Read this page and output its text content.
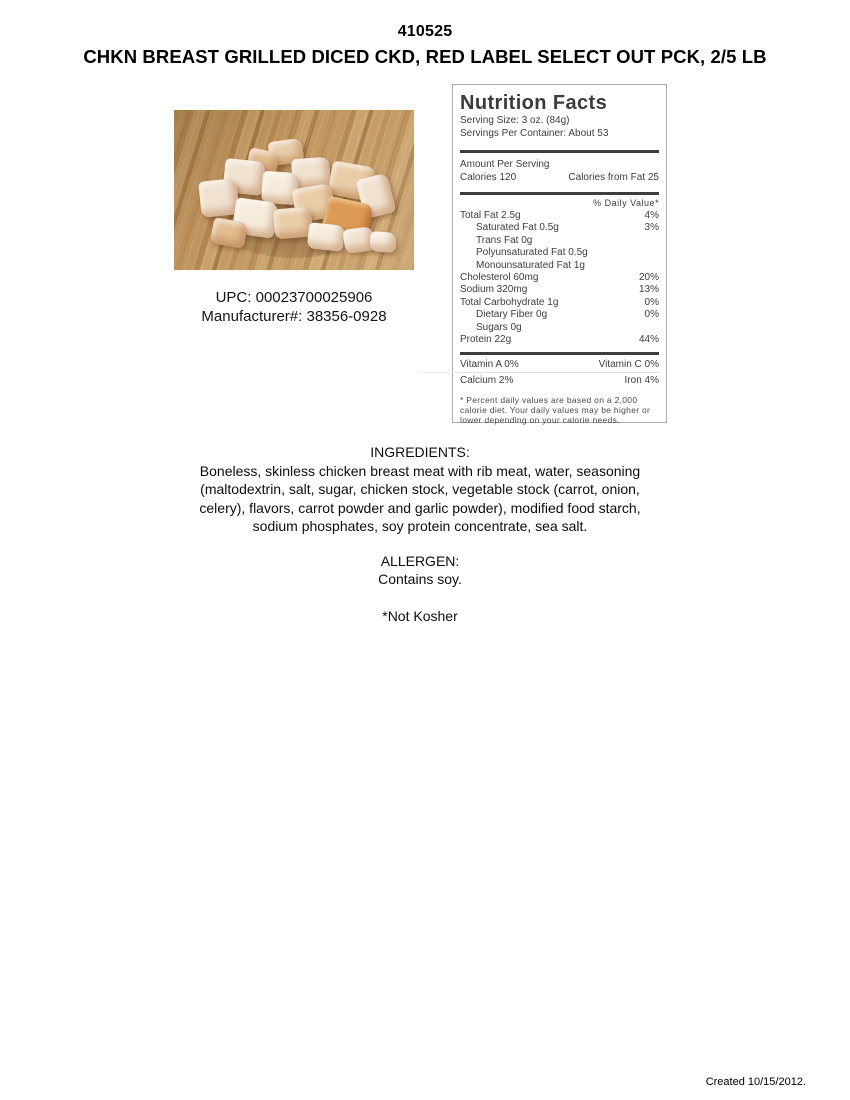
410525
CHKN BREAST GRILLED DICED CKD, RED LABEL SELECT OUT PCK, 2/5 LB
UPC: 00023700025906
Manufacturer#: 38356-0928
Nutrition Facts
Serving Size: 3 oz. (84g)
Servings Per Container: About 53
Amount Per Serving
Calories 120	Calories from Fat 25
% Daily Value*
Total Fat 2.5g	4%
Saturated Fat 0.5g	3%
Trans Fat 0g
Polyunsaturated Fat 0.5g
Monounsaturated Fat 1g
Cholesterol 60mg	20%
Sodium 320mg	13%
Total Carbohydrate 1g	0%
Dietary Fiber 0g	0%
Sugars 0g
Protein 22g	44%
Vitamin A 0%	Vitamin C 0%
Calcium 2%	Iron 4%
* Percent daily values are based on a 2,000 calorie diet. Your daily values may be higher or lower depending on your calorie needs.
INGREDIENTS:
Boneless, skinless chicken breast meat with rib meat, water, seasoning
(maltodextrin, salt, sugar, chicken stock, vegetable stock (carrot, onion,
celery), flavors, carrot powder and garlic powder), modified food starch,
sodium phosphates, soy protein concentrate, sea salt.
ALLERGEN:
Contains soy.
*Not Kosher
Created 10/15/2012.
